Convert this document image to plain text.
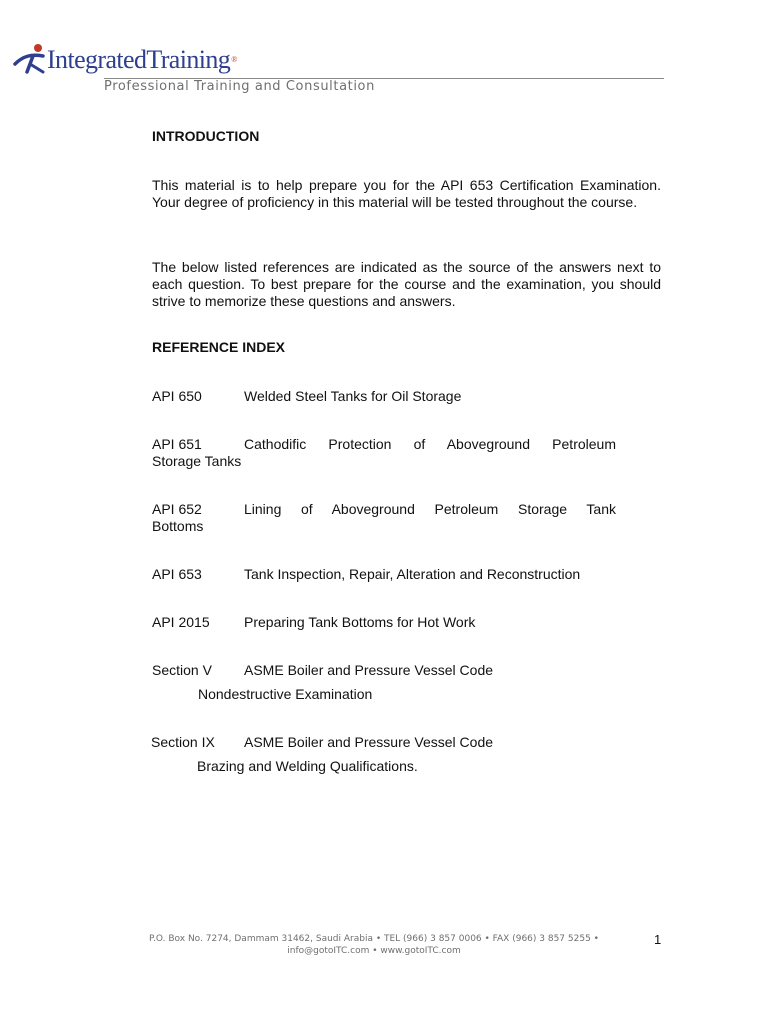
IntegratedTraining®
Professional Training and Consultation
INTRODUCTION
This material is to help prepare you for the API 653 Certification Examination. Your degree of proficiency in this material will be tested throughout the course.
The below listed references are indicated as the source of the answers next to each question. To best prepare for the course and the examination, you should strive to memorize these questions and answers.
REFERENCE INDEX
API 650	Welded Steel Tanks for Oil Storage
API 651	Cathodific Protection of Aboveground Petroleum
Storage Tanks
API 652	Lining of Aboveground Petroleum Storage Tank
Bottoms
API 653	Tank Inspection, Repair, Alteration and Reconstruction
API 2015	Preparing Tank Bottoms for Hot Work
Section V	ASME Boiler and Pressure Vessel Code
Nondestructive Examination
Section IX	ASME Boiler and Pressure Vessel Code
Brazing and Welding Qualifications.
P.O. Box No. 7274, Dammam 31462, Saudi Arabia • TEL (966) 3 857 0006 • FAX (966) 3 857 5255 •
info@gotoITC.com • www.gotoITC.com
1
